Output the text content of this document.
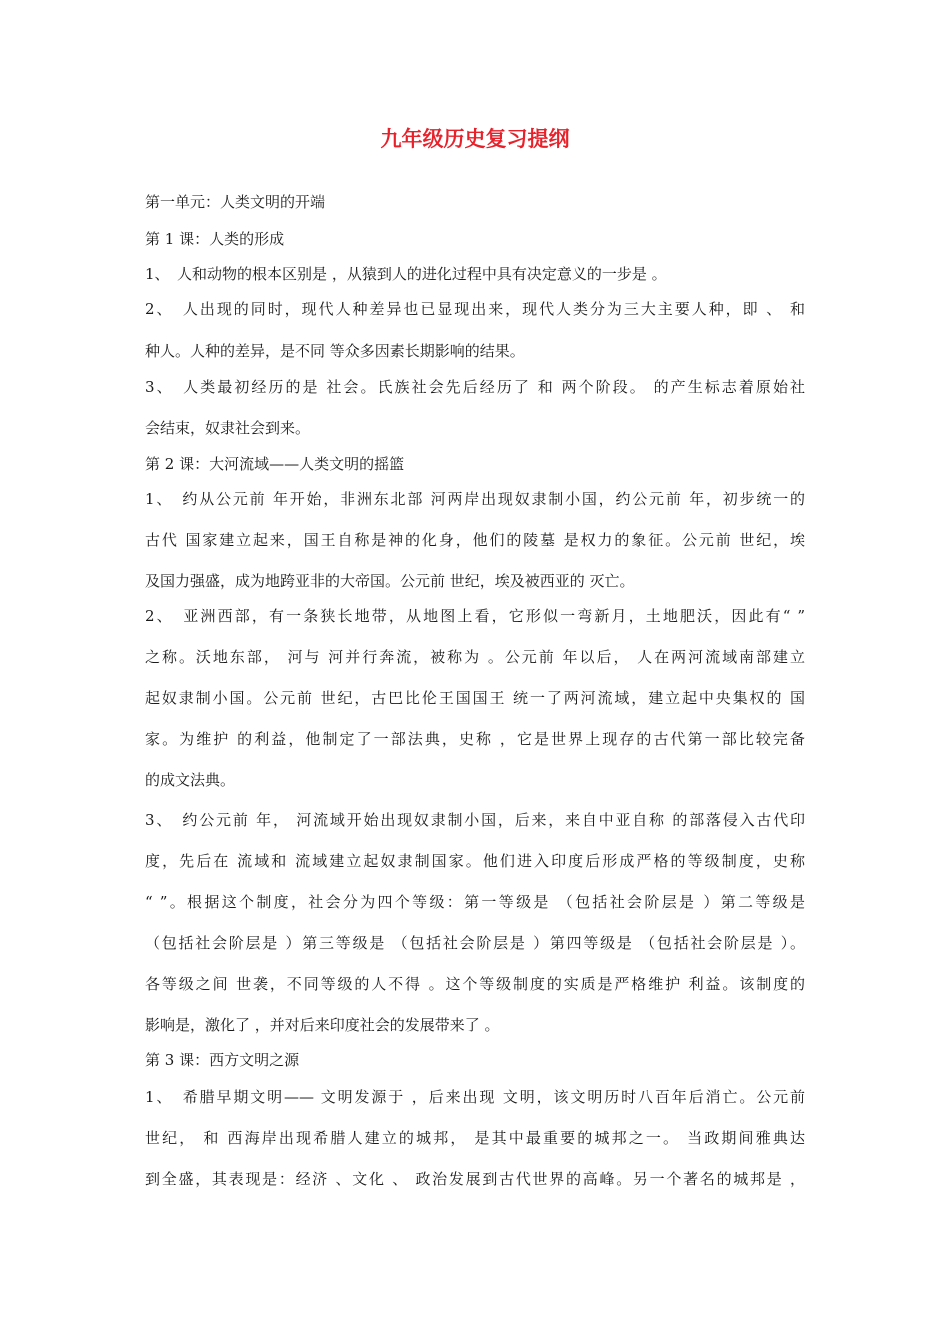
九年级历史复习提纲
第一单元：人类文明的开端
第 1 课：人类的形成
1、　人和动物的根本区别是 ，从猿到人的进化过程中具有决定意义的一步是 。
2、　人出现的同时，现代人种差异也已显现出来，现代人类分为三大主要人种，即 、 和
种人。人种的差异，是不同 等众多因素长期影响的结果。
3、　人类最初经历的是 社会。氏族社会先后经历了 和 两个阶段。 的产生标志着原始社
会结束，奴隶社会到来。
第 2 课：大河流域——人类文明的摇篮
1、　约从公元前 年开始，非洲东北部 河两岸出现奴隶制小国，约公元前 年，初步统一的
古代 国家建立起来，国王自称是神的化身，他们的陵墓 是权力的象征。公元前 世纪，埃
及国力强盛，成为地跨亚非的大帝国。公元前 世纪，埃及被西亚的 灭亡。
2、　亚洲西部，有一条狭长地带，从地图上看，它形似一弯新月，土地肥沃，因此有“ ”
之称。沃地东部， 河与 河并行奔流，被称为 。公元前 年以后， 人在两河流域南部建立
起奴隶制小国。公元前 世纪，古巴比伦王国国王 统一了两河流域，建立起中央集权的 国
家。为维护 的利益，他制定了一部法典，史称 ，它是世界上现存的古代第一部比较完备
的成文法典。
3、　约公元前 年， 河流域开始出现奴隶制小国，后来，来自中亚自称 的部落侵入古代印
度，先后在 流域和 流域建立起奴隶制国家。他们进入印度后形成严格的等级制度，史称
“ ”。根据这个制度，社会分为四个等级：第一等级是 （包括社会阶层是 ）第二等级是
（包括社会阶层是 ）第三等级是 （包括社会阶层是 ）第四等级是 （包括社会阶层是 ）。
各等级之间 世袭，不同等级的人不得 。这个等级制度的实质是严格维护 利益。该制度的
影响是，激化了 ，并对后来印度社会的发展带来了 。
第 3 课：西方文明之源
1、　希腊早期文明—— 文明发源于 ，后来出现 文明，该文明历时八百年后消亡。公元前
世纪， 和 西海岸出现希腊人建立的城邦， 是其中最重要的城邦之一。 当政期间雅典达
到全盛，其表现是：经济 、文化 、 政治发展到古代世界的高峰。另一个著名的城邦是 ，
